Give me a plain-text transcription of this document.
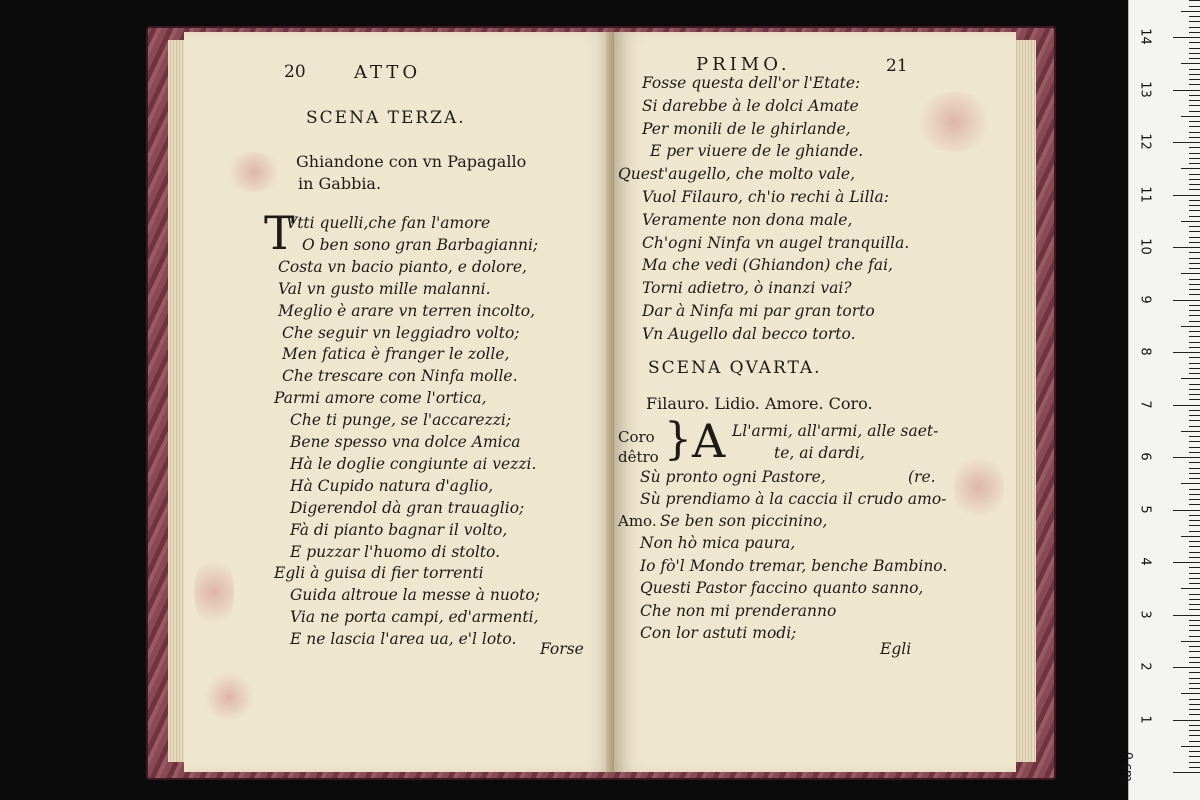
20	ATTO
SCENA TERZA.
Ghiandone con vn Papagallo
in Gabbia.
T
Vtti quelli,che fan l'amore
O ben sono gran Barbagianni;
Costa vn bacio pianto, e dolore,
Val vn gusto mille malanni.
Meglio è arare vn terren incolto,
Che seguir vn leggiadro volto;
Men fatica è franger le zolle,
Che trescare con Ninfa molle.
Parmi amore come l'ortica,
Che ti punge, se l'accarezzi;
Bene spesso vna dolce Amica
Hà le doglie congiunte ai vezzi.
Hà Cupido natura d'aglio,
Digerendol dà gran trauaglio;
Fà di pianto bagnar il volto,
E puzzar l'huomo di stolto.
Egli à guisa di fier torrenti
Guida altroue la messe à nuoto;
Via ne porta campi, ed'armenti,
E ne lascia l'area ua, e'l loto.
Forse
PRIMO.	21
Fosse questa dell'or l'Etate:
Si darebbe à le dolci Amate
Per monili de le ghirlande,
E per viuere de le ghiande.
Quest'augello, che molto vale,
Vuol Filauro, ch'io rechi à Lilla:
Veramente non dona male,
Ch'ogni Ninfa vn augel tranquilla.
Ma che vedi (Ghiandon) che fai,
Torni adietro, ò inanzi vai?
Dar à Ninfa mi par gran torto
Vn Augello dal becco torto.
SCENA QVARTA.
Filauro. Lidio. Amore. Coro.
Coro
dêtro } A Ll'armi, all'armi, alle saet-
te, ai dardi,
Sù pronto ogni Pastore,	(re.
Sù prendiamo à la caccia il crudo amo-
Amo. Se ben son piccinino,
Non hò mica paura,
Io fò'l Mondo tremar, benche Bambino.
Questi Pastor faccino quanto sanno,
Che non mi prenderanno
Con lor astuti modi;
Egli
0 cm
14
13
12
11
10
9
8
7
6
5
4
3
2
1
